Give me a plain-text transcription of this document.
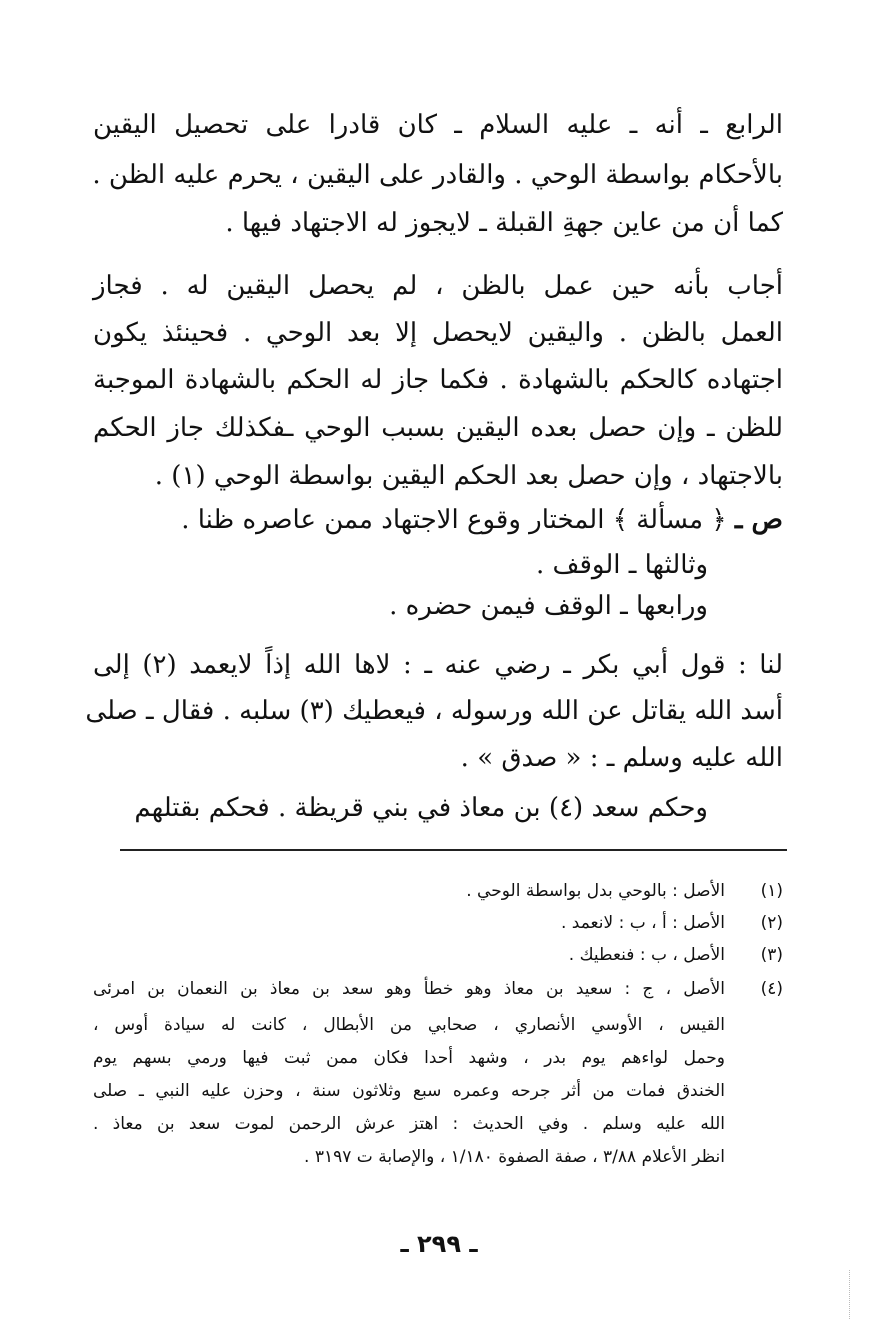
الرابع ـ أنه ـ عليه السلام ـ كان قادرا على تحصيل اليقين
بالأحكام بواسطة الوحي . والقادر على اليقين ، يحرم عليه الظن .
كما أن من عاين جهةِ القبلة ـ لايجوز له الاجتهاد فيها .
أجاب بأنه حين عمل بالظن ، لم يحصل اليقين له . فجاز
العمل بالظن . واليقين لايحصل إلا بعد الوحي . فحينئذ يكون
اجتهاده كالحكم بالشهادة . فكما جاز له الحكم بالشهادة الموجبة
للظن ـ وإن حصل بعده اليقين بسبب الوحي ـفكذلك جاز الحكم
بالاجتهاد ، وإن حصل بعد الحكم اليقين بواسطة الوحي (١) .
ص ـ ﴿ مسألة ﴾ المختار وقوع الاجتهاد ممن عاصره ظنا .
وثالثها ـ الوقف .
ورابعها ـ الوقف فيمن حضره .
لنا : قول أبي بكر ـ رضي عنه ـ : لاها الله إذاً لايعمد (٢) إلى
أسد الله يقاتل عن الله ورسوله ، فيعطيك (٣) سلبه . فقال ـ صلى
الله عليه وسلم ـ : « صدق » .
وحكم سعد (٤) بن معاذ في بني قريظة . فحكم بقتلهم
(١)
الأصل : بالوحي بدل بواسطة الوحي .
(٢)
الأصل : أ ، ب : لانعمد .
(٣)
الأصل ، ب : فنعطيك .
(٤)
الأصل ، ج : سعيد بن معاذ وهو خطأ وهو سعد بن معاذ بن النعمان بن امرئى
القيس ، الأوسي الأنصاري ، صحابي من الأبطال ، كانت له سيادة أوس ،
وحمل لواءهم يوم بدر ، وشهد أحدا فكان ممن ثبت فيها ورمي بسهم يوم
الخندق فمات من أثر جرحه وعمره سبع وثلاثون سنة ، وحزن عليه النبي ـ صلى
الله عليه وسلم . وفي الحديث : اهتز عرش الرحمن لموت سعد بن معاذ .
انظر الأعلام ٣/٨٨ ، صفة الصفوة ١/١٨٠ ، والإصابة ت ٣١٩٧ .
ـ ٢٩٩ ـ
